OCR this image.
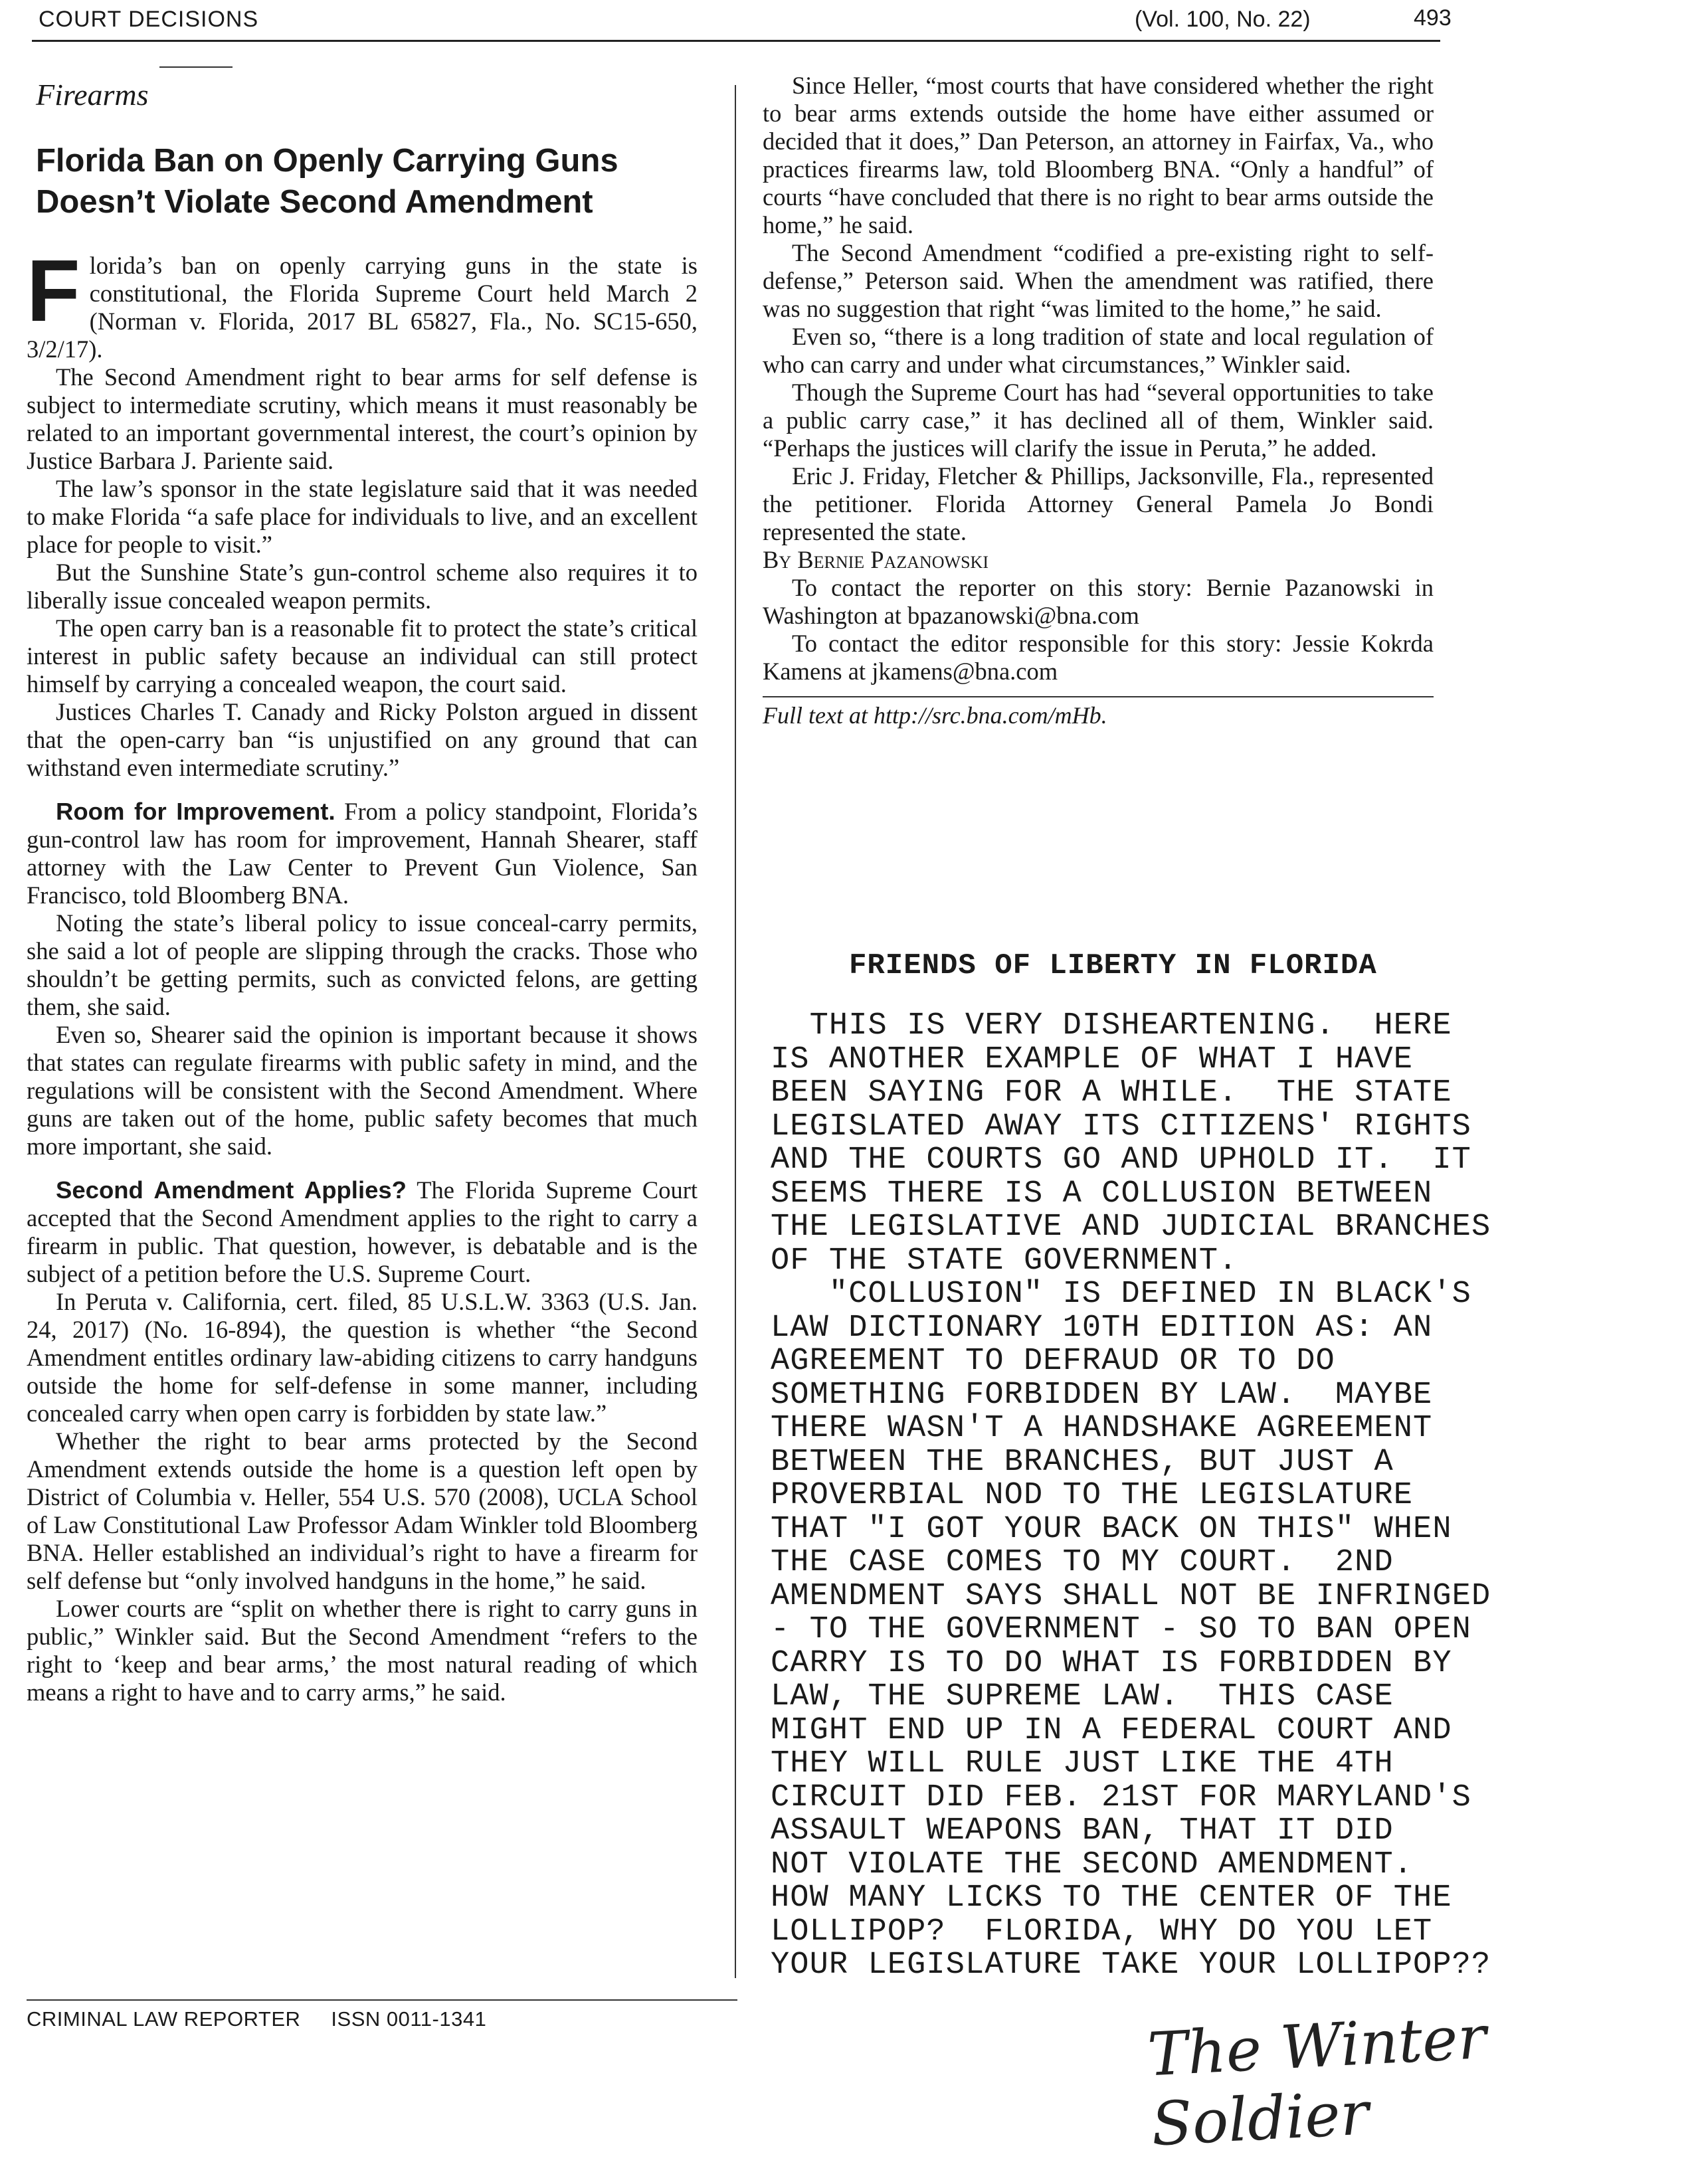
COURT DECISIONS	(Vol. 100, No. 22)	493
Firearms
Florida Ban on Openly Carrying Guns
Doesn’t Violate Second Amendment

Florida’s ban on openly carrying guns in the state is constitutional, the Florida Supreme Court held March 2 (Norman v. Florida, 2017 BL 65827, Fla., No. SC15-650, 3/2/17).

The Second Amendment right to bear arms for self defense is subject to intermediate scrutiny, which means it must reasonably be related to an important governmental interest, the court’s opinion by Justice Barbara J. Pariente said.

The law’s sponsor in the state legislature said that it was needed to make Florida “a safe place for individuals to live, and an excellent place for people to visit.”

But the Sunshine State’s gun-control scheme also requires it to liberally issue concealed weapon permits.

The open carry ban is a reasonable fit to protect the state’s critical interest in public safety because an individual can still protect himself by carrying a concealed weapon, the court said.

Justices Charles T. Canady and Ricky Polston argued in dissent that the open-carry ban “is unjustified on any ground that can withstand even intermediate scrutiny.”

Room for Improvement. From a policy standpoint, Florida’s gun-control law has room for improvement, Hannah Shearer, staff attorney with the Law Center to Prevent Gun Violence, San Francisco, told Bloomberg BNA.

Noting the state’s liberal policy to issue conceal-carry permits, she said a lot of people are slipping through the cracks. Those who shouldn’t be getting permits, such as convicted felons, are getting them, she said.

Even so, Shearer said the opinion is important because it shows that states can regulate firearms with public safety in mind, and the regulations will be consistent with the Second Amendment. Where guns are taken out of the home, public safety becomes that much more important, she said.

Second Amendment Applies? The Florida Supreme Court accepted that the Second Amendment applies to the right to carry a firearm in public. That question, however, is debatable and is the subject of a petition before the U.S. Supreme Court.

In Peruta v. California, cert. filed, 85 U.S.L.W. 3363 (U.S. Jan. 24, 2017) (No. 16-894), the question is whether “the Second Amendment entitles ordinary law-abiding citizens to carry handguns outside the home for self-defense in some manner, including concealed carry when open carry is forbidden by state law.”

Whether the right to bear arms protected by the Second Amendment extends outside the home is a question left open by District of Columbia v. Heller, 554 U.S. 570 (2008), UCLA School of Law Constitutional Law Professor Adam Winkler told Bloomberg BNA. Heller established an individual’s right to have a firearm for self defense but “only involved handguns in the home,” he said.

Lower courts are “split on whether there is right to carry guns in public,” Winkler said. But the Second Amendment “refers to the right to ‘keep and bear arms,’ the most natural reading of which means a right to have and to carry arms,” he said.

Since Heller, “most courts that have considered whether the right to bear arms extends outside the home have either assumed or decided that it does,” Dan Peterson, an attorney in Fairfax, Va., who practices firearms law, told Bloomberg BNA. “Only a handful” of courts “have concluded that there is no right to bear arms outside the home,” he said.

The Second Amendment “codified a pre-existing right to self-defense,” Peterson said. When the amendment was ratified, there was no suggestion that right “was limited to the home,” he said.

Even so, “there is a long tradition of state and local regulation of who can carry and under what circumstances,” Winkler said.

Though the Supreme Court has had “several opportunities to take a public carry case,” it has declined all of them, Winkler said. “Perhaps the justices will clarify the issue in Peruta,” he added.

Eric J. Friday, Fletcher & Phillips, Jacksonville, Fla., represented the petitioner. Florida Attorney General Pamela Jo Bondi represented the state.

By Bernie Pazanowski

To contact the reporter on this story: Bernie Pazanowski in Washington at bpazanowski@bna.com

To contact the editor responsible for this story: Jessie Kokrda Kamens at jkamens@bna.com

Full text at http://src.bna.com/mHb.
CRIMINAL LAW REPORTER ISSN 0011-1341
FRIENDS OF LIBERTY IN FLORIDA
THIS IS VERY DISHEARTENING.  HERE
IS ANOTHER EXAMPLE OF WHAT I HAVE
BEEN SAYING FOR A WHILE.  THE STATE
LEGISLATED AWAY ITS CITIZENS' RIGHTS
AND THE COURTS GO AND UPHOLD IT.  IT
SEEMS THERE IS A COLLUSION BETWEEN
THE LEGISLATIVE AND JUDICIAL BRANCHES
OF THE STATE GOVERNMENT.
"COLLUSION" IS DEFINED IN BLACK'S
LAW DICTIONARY 10TH EDITION AS: AN
AGREEMENT TO DEFRAUD OR TO DO
SOMETHING FORBIDDEN BY LAW.  MAYBE
THERE WASN'T A HANDSHAKE AGREEMENT
BETWEEN THE BRANCHES, BUT JUST A
PROVERBIAL NOD TO THE LEGISLATURE
THAT "I GOT YOUR BACK ON THIS" WHEN
THE CASE COMES TO MY COURT.  2ND
AMENDMENT SAYS SHALL NOT BE INFRINGED
- TO THE GOVERNMENT - SO TO BAN OPEN
CARRY IS TO DO WHAT IS FORBIDDEN BY
LAW, THE SUPREME LAW.  THIS CASE
MIGHT END UP IN A FEDERAL COURT AND
THEY WILL RULE JUST LIKE THE 4TH
CIRCUIT DID FEB. 21ST FOR MARYLAND'S
ASSAULT WEAPONS BAN, THAT IT DID
NOT VIOLATE THE SECOND AMENDMENT.
HOW MANY LICKS TO THE CENTER OF THE
LOLLIPOP?  FLORIDA, WHY DO YOU LET
YOUR LEGISLATURE TAKE YOUR LOLLIPOP??
The Winter Soldier
